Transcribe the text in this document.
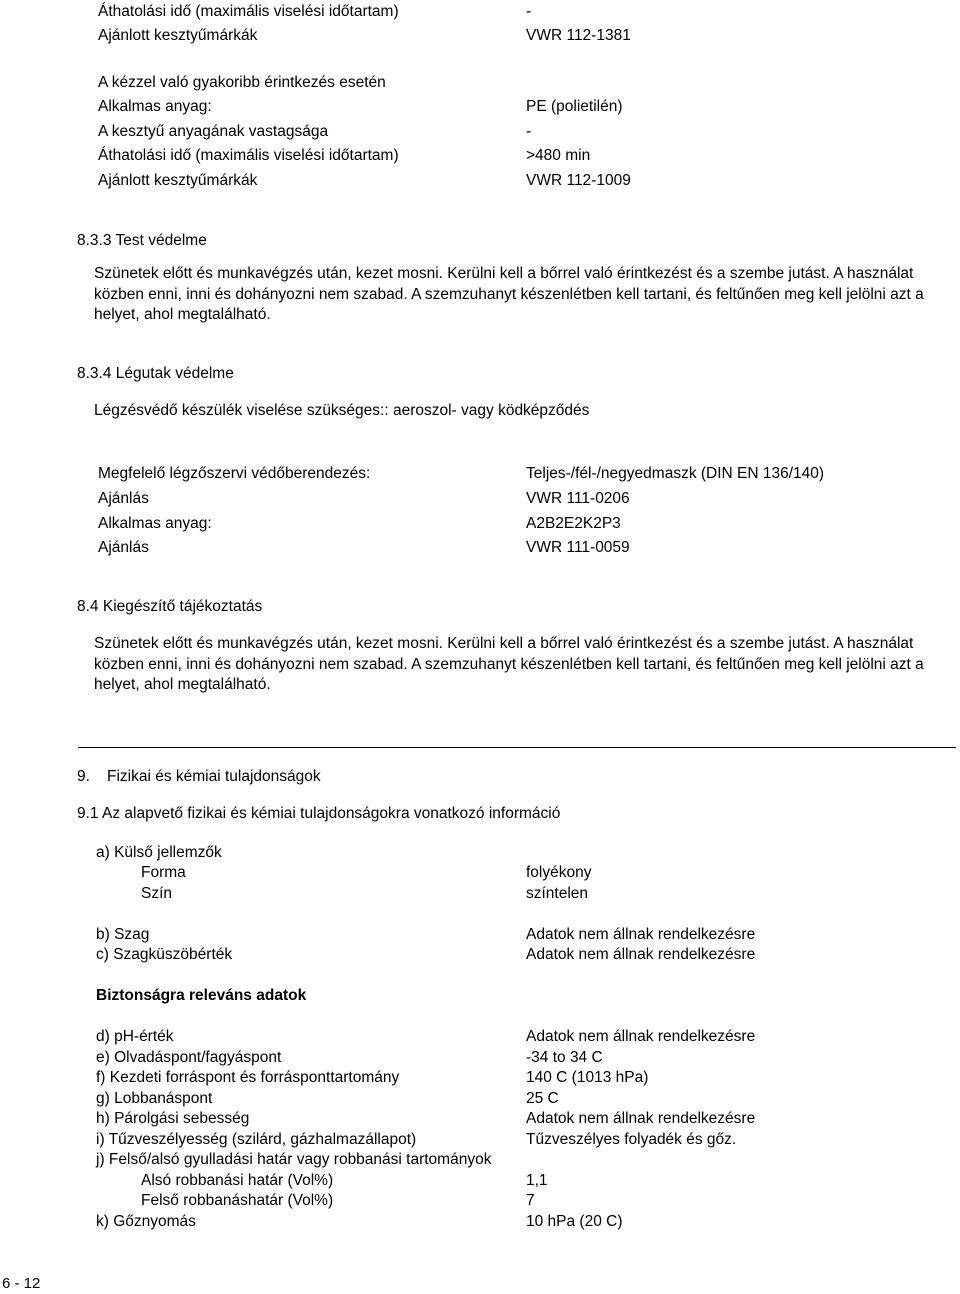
Áthatolási idő (maximális viselési időtartam)	-
Ajánlott kesztyűmárkák	VWR 112-1381
A kézzel való gyakoribb érintkezés esetén
Alkalmas anyag:	PE (polietilén)
A kesztyű anyagának vastagsága	-
Áthatolási idő (maximális viselési időtartam)	>480 min
Ajánlott kesztyűmárkák	VWR 112-1009
8.3.3 Test védelme
Szünetek előtt és munkavégzés után, kezet mosni. Kerülni kell a bőrrel való érintkezést és a szembe jutást. A használat közben enni, inni és dohányozni nem szabad. A szemzuhanyt készenlétben kell tartani, és feltűnően meg kell jelölni azt a helyet, ahol megtalálható.
8.3.4 Légutak védelme
Légzésvédő készülék viselése szükséges:: aeroszol- vagy ködképződés
Megfelelő légzőszervi védőberendezés:	Teljes-/fél-/negyedmaszk (DIN EN 136/140)
Ajánlás	VWR 111-0206
Alkalmas anyag:	A2B2E2K2P3
Ajánlás	VWR 111-0059
8.4 Kiegészítő tájékoztatás
Szünetek előtt és munkavégzés után, kezet mosni. Kerülni kell a bőrrel való érintkezést és a szembe jutást. A használat közben enni, inni és dohányozni nem szabad. A szemzuhanyt készenlétben kell tartani, és feltűnően meg kell jelölni azt a helyet, ahol megtalálható.
9. Fizikai és kémiai tulajdonságok
9.1 Az alapvető fizikai és kémiai tulajdonságokra vonatkozó információ
a) Külső jellemzők
Forma	folyékony
Szín	színtelen
b) Szag	Adatok nem állnak rendelkezésre
c) Szagküszöbérték	Adatok nem állnak rendelkezésre
Biztonságra releváns adatok
d) pH-érték	Adatok nem állnak rendelkezésre
e) Olvadáspont/fagyáspont	-34 to 34 C
f) Kezdeti forráspont és forrásponttartomány	140 C (1013 hPa)
g) Lobbanáspont	25 C
h) Párolgási sebesség	Adatok nem állnak rendelkezésre
i) Tűzveszélyesség (szilárd, gázhalmazállapot)	Tűzveszélyes folyadék és gőz.
j) Felső/alsó gyulladási határ vagy robbanási tartományok
Alsó robbanási határ (Vol%)	1,1
Felső robbanáshatár (Vol%)	7
k) Gőznyomás	10 hPa (20 C)
6 - 12
